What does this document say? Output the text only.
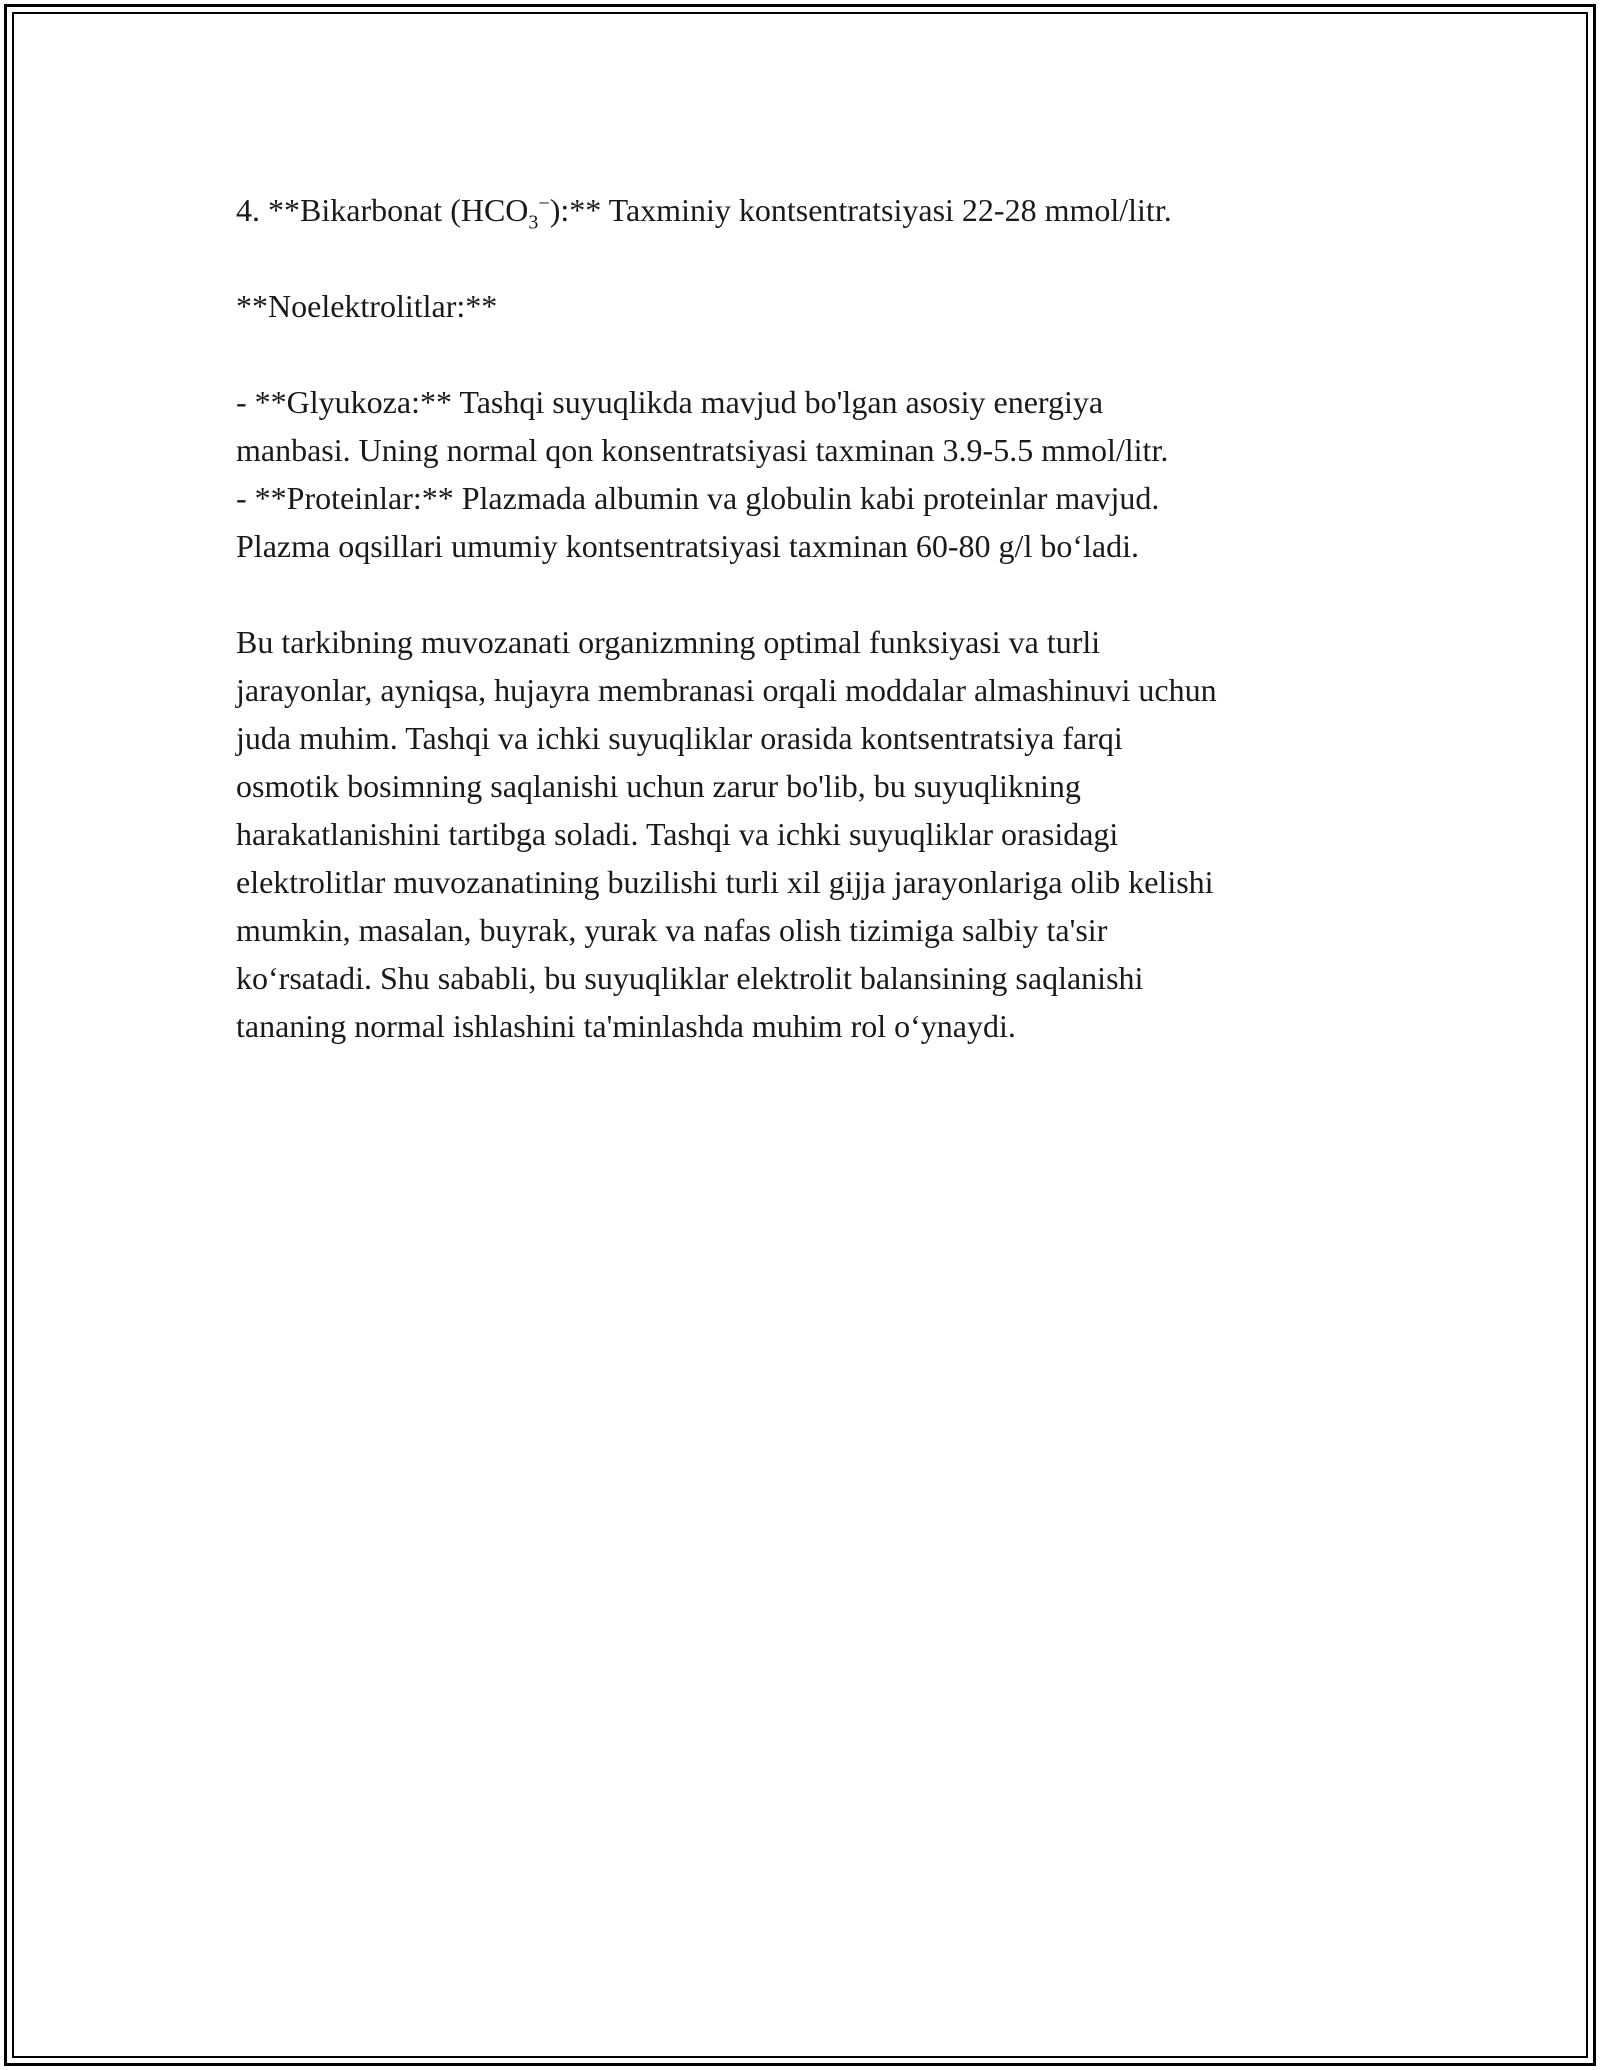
4. **Bikarbonat $(HCO_3^-):**$ Taxminiy kontsentratsiyasi 22-28 mmol/litr.

**Noelektrolitlar:**

- **Glyukoza:** Tashqi suyuqlikda mavjud bo'lgan asosiy energiya
manbasi. Uning normal qon konsentratsiyasi taxminan 3.9-5.5 mmol/litr.
- **Proteinlar:** Plazmada albumin va globulin kabi proteinlar mavjud.
Plazma oqsillari umumiy kontsentratsiyasi taxminan 60-80 g/l bo‘ladi.

Bu tarkibning muvozanati organizmning optimal funksiyasi va turli
jarayonlar, ayniqsa, hujayra membranasi orqali moddalar almashinuvi uchun
juda muhim. Tashqi va ichki suyuqliklar orasida kontsentratsiya farqi
osmotik bosimning saqlanishi uchun zarur bo'lib, bu suyuqlikning
harakatlanishini tartibga soladi. Tashqi va ichki suyuqliklar orasidagi
elektrolitlar muvozanatining buzilishi turli xil gijja jarayonlariga olib kelishi
mumkin, masalan, buyrak, yurak va nafas olish tizimiga salbiy ta'sir
ko‘rsatadi. Shu sababli, bu suyuqliklar elektrolit balansining saqlanishi
tananing normal ishlashini ta'minlashda muhim rol o‘ynaydi.
